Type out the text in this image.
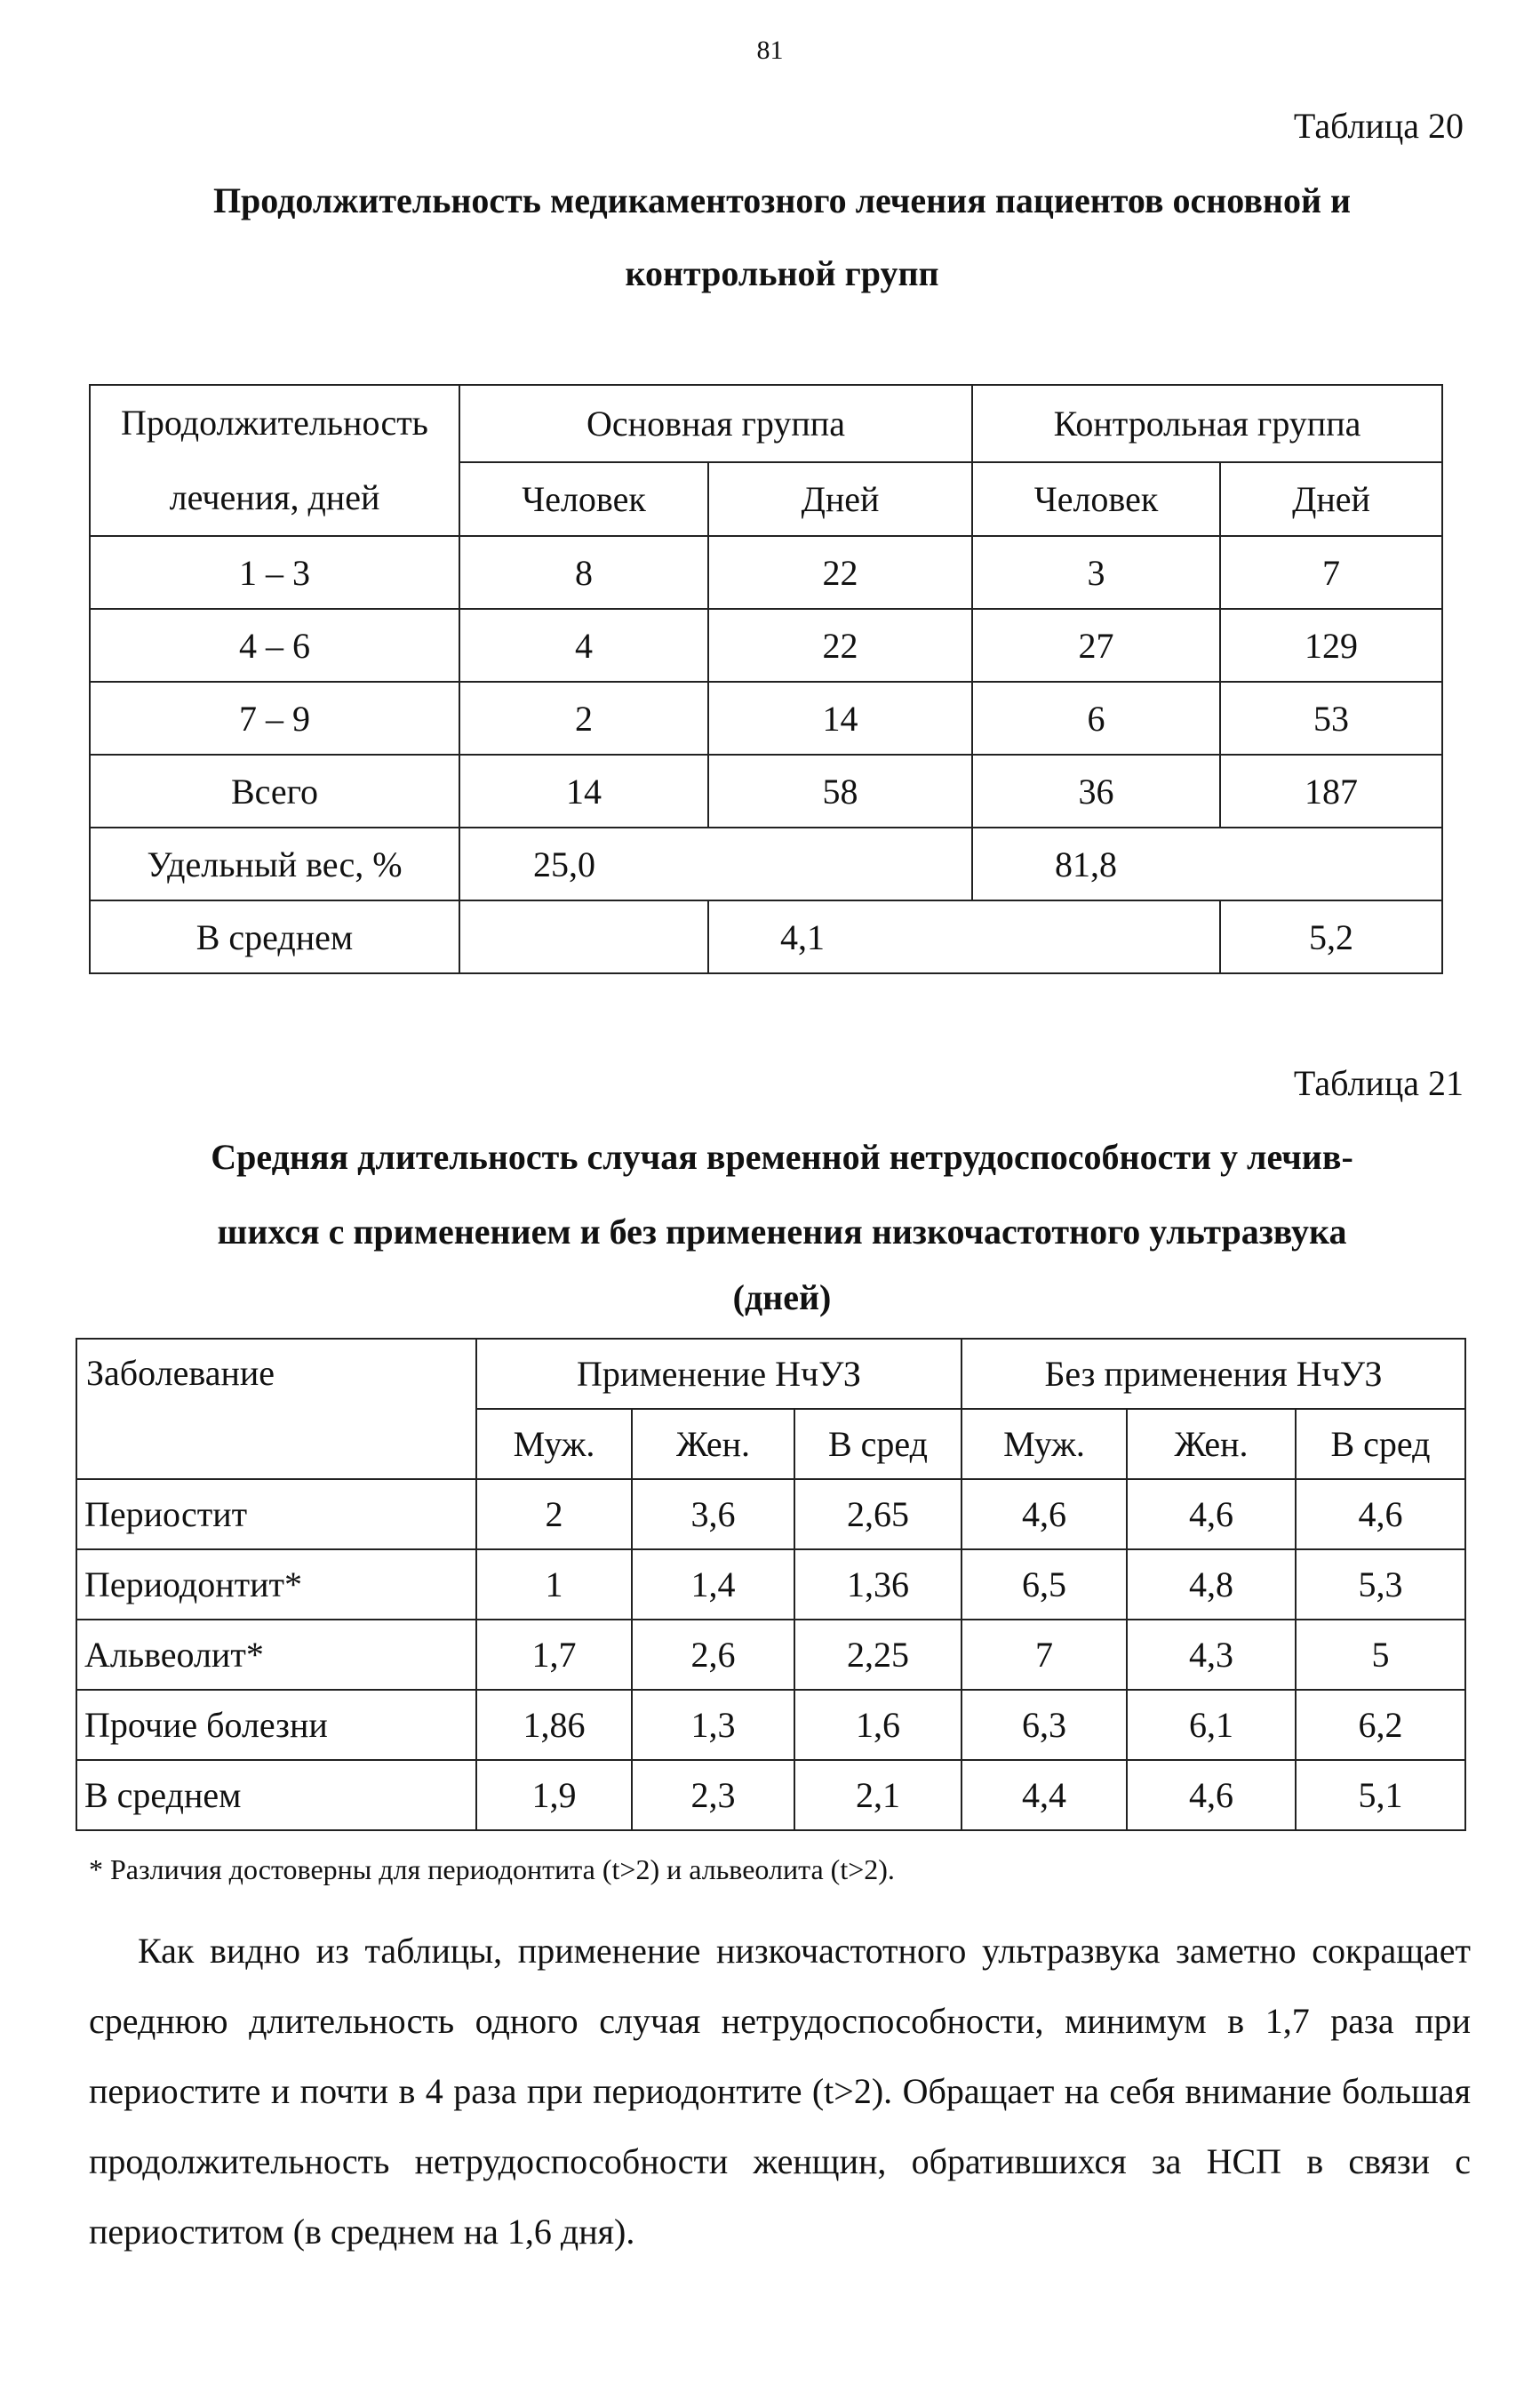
81
Таблица 20
Продолжительность медикаментозного лечения пациентов основной и
контрольной групп
Продолжительность
лечения, дней	Основная группа		Контрольная группа	
	Человек	Дней	Человек	Дней
1 – 3	8	22	3	7
4 – 6	4	22	27	129
7 – 9	2	14	6	53
Всего	14	58	36	187
Удельный вес, %	25,0		81,8	
В среднем		4,1		5,2
Таблица 21
Средняя длительность случая временной нетрудоспособности у лечив-
шихся с применением и без применения низкочастотного ультразвука
(дней)
Заболевание	Применение НчУЗ			Без применения НчУЗ		
	Муж.	Жен.	В сред	Муж.	Жен.	В сред
Периостит	2	3,6	2,65	4,6	4,6	4,6
Периодонтит*	1	1,4	1,36	6,5	4,8	5,3
Альвеолит*	1,7	2,6	2,25	7	4,3	5
Прочие болезни	1,86	1,3	1,6	6,3	6,1	6,2
В среднем	1,9	2,3	2,1	4,4	4,6	5,1
* Различия достоверны для периодонтита (t>2) и альвеолита (t>2).

Как видно из таблицы, применение низкочастотного ультразвука заметно сокращает среднюю длительность одного случая нетрудоспособности, минимум в 1,7 раза при периостите и почти в 4 раза при периодонтите (t>2). Обращает на себя внимание большая продолжительность нетрудоспособности женщин, обратившихся за НСП в связи с периоститом (в среднем на 1,6 дня).
